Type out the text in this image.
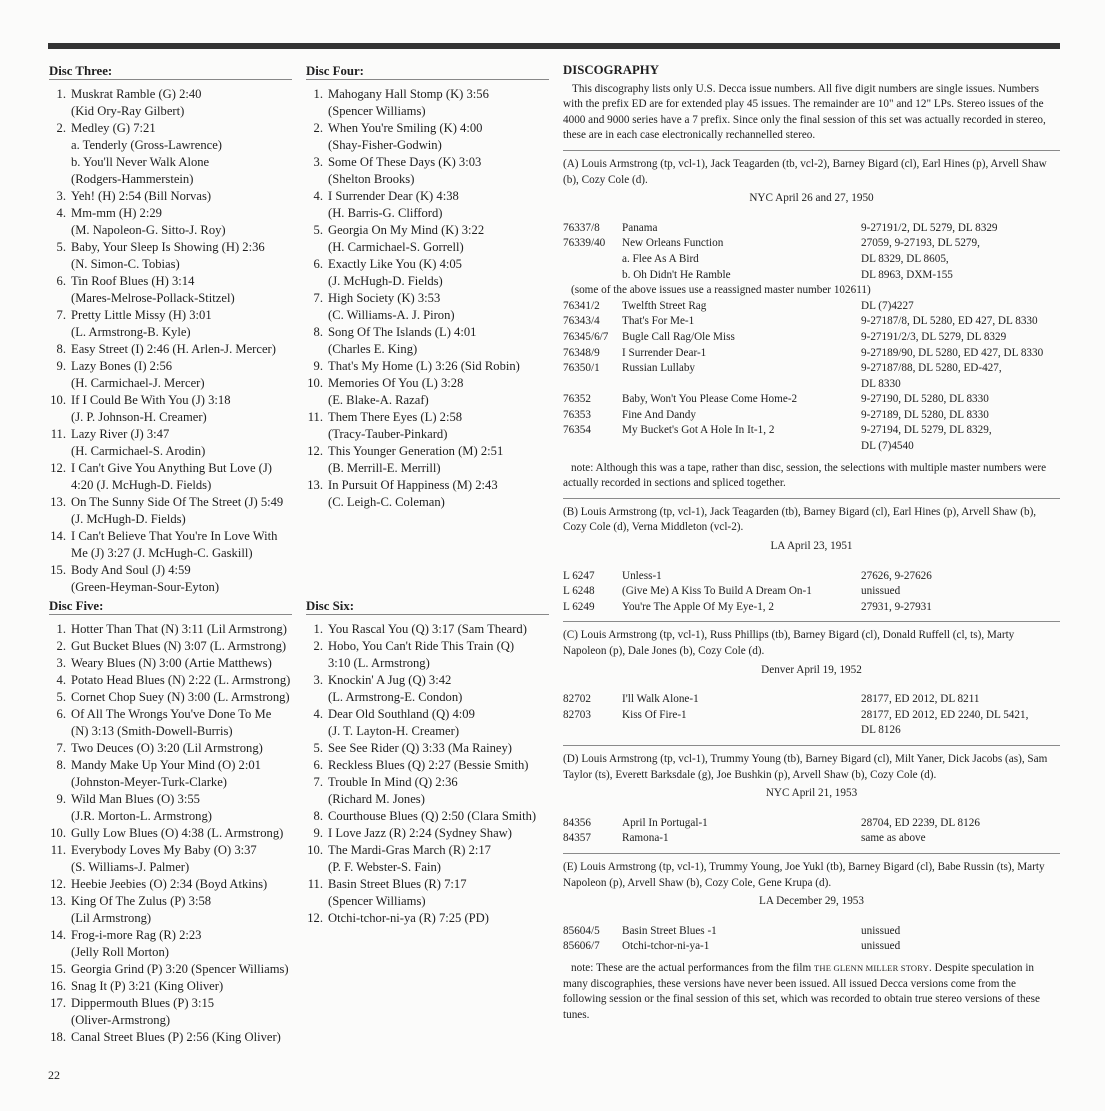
Disc Three:
1. Muskrat Ramble (G) 2:40
(Kid Ory-Ray Gilbert)
2. Medley (G) 7:21
a. Tenderly (Gross-Lawrence)
b. You'll Never Walk Alone
(Rodgers-Hammerstein)
3. Yeh! (H) 2:54 (Bill Norvas)
4. Mm-mm (H) 2:29
(M. Napoleon-G. Sitto-J. Roy)
5. Baby, Your Sleep Is Showing (H) 2:36
(N. Simon-C. Tobias)
6. Tin Roof Blues (H) 3:14
(Mares-Melrose-Pollack-Stitzel)
7. Pretty Little Missy (H) 3:01
(L. Armstrong-B. Kyle)
8. Easy Street (I) 2:46 (H. Arlen-J. Mercer)
9. Lazy Bones (I) 2:56
(H. Carmichael-J. Mercer)
10. If I Could Be With You (J) 3:18
(J. P. Johnson-H. Creamer)
11. Lazy River (J) 3:47
(H. Carmichael-S. Arodin)
12. I Can't Give You Anything But Love (J)
4:20 (J. McHugh-D. Fields)
13. On The Sunny Side Of The Street (J) 5:49
(J. McHugh-D. Fields)
14. I Can't Believe That You're In Love With
Me (J) 3:27 (J. McHugh-C. Gaskill)
15. Body And Soul (J) 4:59
(Green-Heyman-Sour-Eyton)
Disc Four:
1. Mahogany Hall Stomp (K) 3:56
(Spencer Williams)
2. When You're Smiling (K) 4:00
(Shay-Fisher-Godwin)
3. Some Of These Days (K) 3:03
(Shelton Brooks)
4. I Surrender Dear (K) 4:38
(H. Barris-G. Clifford)
5. Georgia On My Mind (K) 3:22
(H. Carmichael-S. Gorrell)
6. Exactly Like You (K) 4:05
(J. McHugh-D. Fields)
7. High Society (K) 3:53
(C. Williams-A. J. Piron)
8. Song Of The Islands (L) 4:01
(Charles E. King)
9. That's My Home (L) 3:26 (Sid Robin)
10. Memories Of You (L) 3:28
(E. Blake-A. Razaf)
11. Them There Eyes (L) 2:58
(Tracy-Tauber-Pinkard)
12. This Younger Generation (M) 2:51
(B. Merrill-E. Merrill)
13. In Pursuit Of Happiness (M) 2:43
(C. Leigh-C. Coleman)
Disc Five:
1. Hotter Than That (N) 3:11 (Lil Armstrong)
2. Gut Bucket Blues (N) 3:07 (L. Armstrong)
3. Weary Blues (N) 3:00 (Artie Matthews)
4. Potato Head Blues (N) 2:22 (L. Armstrong)
5. Cornet Chop Suey (N) 3:00 (L. Armstrong)
6. Of All The Wrongs You've Done To Me
(N) 3:13 (Smith-Dowell-Burris)
7. Two Deuces (O) 3:20 (Lil Armstrong)
8. Mandy Make Up Your Mind (O) 2:01
(Johnston-Meyer-Turk-Clarke)
9. Wild Man Blues (O) 3:55
(J.R. Morton-L. Armstrong)
10. Gully Low Blues (O) 4:38 (L. Armstrong)
11. Everybody Loves My Baby (O) 3:37
(S. Williams-J. Palmer)
12. Heebie Jeebies (O) 2:34 (Boyd Atkins)
13. King Of The Zulus (P) 3:58
(Lil Armstrong)
14. Frog-i-more Rag (R) 2:23
(Jelly Roll Morton)
15. Georgia Grind (P) 3:20 (Spencer Williams)
16. Snag It (P) 3:21 (King Oliver)
17. Dippermouth Blues (P) 3:15
(Oliver-Armstrong)
18. Canal Street Blues (P) 2:56 (King Oliver)
Disc Six:
1. You Rascal You (Q) 3:17 (Sam Theard)
2. Hobo, You Can't Ride This Train (Q)
3:10 (L. Armstrong)
3. Knockin' A Jug (Q) 3:42
(L. Armstrong-E. Condon)
4. Dear Old Southland (Q) 4:09
(J. T. Layton-H. Creamer)
5. See See Rider (Q) 3:33 (Ma Rainey)
6. Reckless Blues (Q) 2:27 (Bessie Smith)
7. Trouble In Mind (Q) 2:36
(Richard M. Jones)
8. Courthouse Blues (Q) 2:50 (Clara Smith)
9. I Love Jazz (R) 2:24 (Sydney Shaw)
10. The Mardi-Gras March (R) 2:17
(P. F. Webster-S. Fain)
11. Basin Street Blues (R) 7:17
(Spencer Williams)
12. Otchi-tchor-ni-ya (R) 7:25 (PD)
DISCOGRAPHY

This discography lists only U.S. Decca issue numbers. All five digit numbers are single issues. Numbers with the prefix ED are for extended play 45 issues. The remainder are 10" and 12" LPs. Stereo issues of the 4000 and 9000 series have a 7 prefix. Since only the final session of this set was actually recorded in stereo, these are in each case electronically rechannelled stereo.

(A) Louis Armstrong (tp, vcl-1), Jack Teagarden (tb, vcl-2), Barney Bigard (cl), Earl Hines (p), Arvell Shaw (b), Cozy Cole (d).

NYC April 26 and 27, 1950
76337/8 Panama	9-27191/2, DL 5279, DL 8329
76339/40 New Orleans Function	27059, 9-27193, DL 5279,
a. Flee As A Bird	DL 8329, DL 8605,
b. Oh Didn't He Ramble	DL 8963, DXM-155
(some of the above issues use a reassigned master number 102611)
76341/2 Twelfth Street Rag	DL (7)4227
76343/4 That's For Me-1	9-27187/8, DL 5280, ED 427, DL 8330
76345/6/7 Bugle Call Rag/Ole Miss	9-27191/2/3, DL 5279, DL 8329
76348/9 I Surrender Dear-1	9-27189/90, DL 5280, ED 427, DL 8330
76350/1 Russian Lullaby	9-27187/88, DL 5280, ED-427,
DL 8330
76352	Baby, Won't You Please Come Home-2	9-27190, DL 5280, DL 8330
76353	Fine And Dandy	9-27189, DL 5280, DL 8330
76354	My Bucket's Got A Hole In It-1, 2	9-27194, DL 5279, DL 8329,
DL (7)4540

note: Although this was a tape, rather than disc, session, the selections with multiple master numbers were actually recorded in sections and spliced together.

(B) Louis Armstrong (tp, vcl-1), Jack Teagarden (tb), Barney Bigard (cl), Earl Hines (p), Arvell Shaw (b), Cozy Cole (d), Verna Middleton (vcl-2).

LA April 23, 1951
L 6247 Unless-1	27626, 9-27626
L 6248 (Give Me) A Kiss To Build A Dream On-1	unissued
L 6249 You're The Apple Of My Eye-1, 2	27931, 9-27931

(C) Louis Armstrong (tp, vcl-1), Russ Phillips (tb), Barney Bigard (cl), Donald Ruffell (cl, ts), Marty Napoleon (p), Dale Jones (b), Cozy Cole (d).

Denver April 19, 1952
82702	I'll Walk Alone-1	28177, ED 2012, DL 8211
82703	Kiss Of Fire-1	28177, ED 2012, ED 2240, DL 5421,
DL 8126

(D) Louis Armstrong (tp, vcl-1), Trummy Young (tb), Barney Bigard (cl), Milt Yaner, Dick Jacobs (as), Sam Taylor (ts), Everett Barksdale (g), Joe Bushkin (p), Arvell Shaw (b), Cozy Cole (d).

NYC April 21, 1953
84356	April In Portugal-1	28704, ED 2239, DL 8126
84357	Ramona-1	same as above

(E) Louis Armstrong (tp, vcl-1), Trummy Young, Joe Yukl (tb), Barney Bigard (cl), Babe Russin (ts), Marty Napoleon (p), Arvell Shaw (b), Cozy Cole, Gene Krupa (d).

LA December 29, 1953
85604/5 Basin Street Blues -1	unissued
85606/7 Otchi-tchor-ni-ya-1	unissued

note: These are the actual performances from the film THE GLENN MILLER STORY. Despite speculation in many discographies, these versions have never been issued. All issued Decca versions come from the following session or the final session of this set, which was recorded to obtain true stereo versions of these tunes.

22
